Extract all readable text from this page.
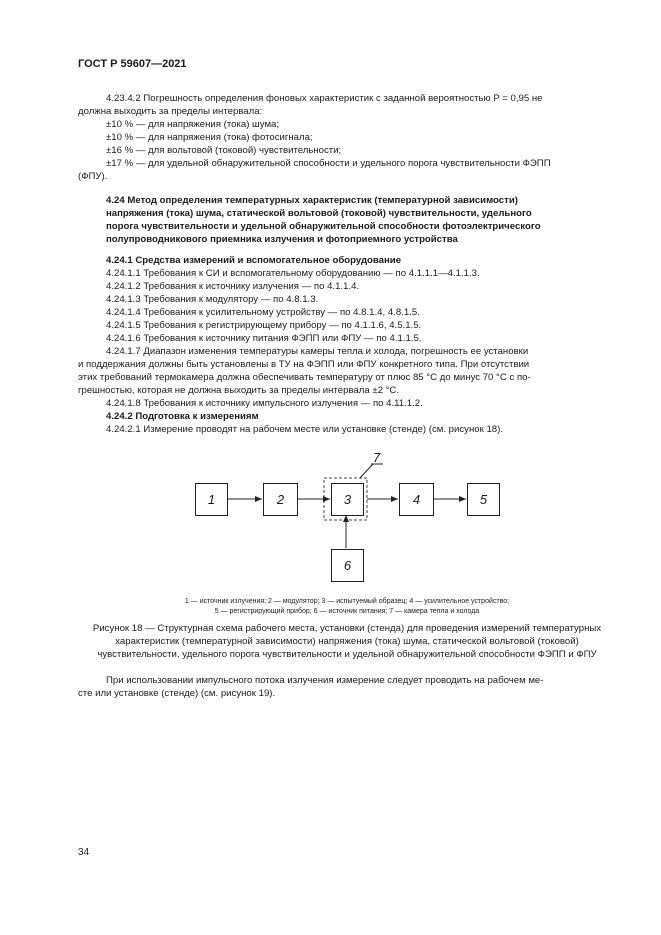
ГОСТ Р 59607—2021
4.23.4.2 Погрешность определения фоновых характеристик с заданной вероятностью P = 0,95 не
должна выходить за пределы интервала:
±10 % — для напряжения (тока) шума;
±10 % — для напряжения (тока) фотосигнала;
±16 % — для вольтовой (токовой) чувствительности;
±17 % — для удельной обнаружительной способности и удельного порога чувствительности ФЭПП
(ФПУ).
4.24 Метод определения температурных характеристик (температурной зависимости)
напряжения (тока) шума, статической вольтовой (токовой) чувствительности, удельного
порога чувствительности и удельной обнаружительной способности фотоэлектрического
полупроводникового приемника излучения и фотоприемного устройства
4.24.1 Средства измерений и вспомогательное оборудование
4.24.1.1 Требования к СИ и вспомогательному оборудованию — по 4.1.1.1—4.1.1.3.
4.24.1.2 Требования к источнику излучения — по 4.1.1.4.
4.24.1.3 Требования к модулятору — по 4.8.1.3.
4.24.1.4 Требования к усилительному устройству — по 4.8.1.4, 4.8.1.5.
4.24.1.5 Требования к регистрирующему прибору — по 4.1.1.6, 4.5.1.5.
4.24.1.6 Требования к источнику питания ФЭПП или ФПУ — по 4.1.1.5.
4.24.1.7 Диапазон изменения температуры камеры тепла и холода, погрешность ее установки
и поддержания должны быть установлены в ТУ на ФЭПП или ФПУ конкретного типа. При отсутствии
этих требований термокамера должна обеспечивать температуру от плюс 85 °С до минус 70 °С с по-
грешностью, которая не должна выходить за пределы интервала ±2 °С.
4.24.1.8 Требования к источнику импульсного излучения — по 4.11.1.2.
4.24.2 Подготовка к измерениям
4.24.2.1 Измерение проводят на рабочем месте или установке (стенде) (см. рисунок 18).
1	2	3	4	5
6
7
1 — источник излучения; 2 — модулятор; 3 — испытуемый образец; 4 — усилительное устройство;
5 — регистрирующий прибор; 6 — источник питания; 7 — камера тепла и холода
Рисунок 18 — Структурная схема рабочего места, установки (стенда) для проведения измерений температурных
характеристик (температурной зависимости) напряжения (тока) шума, статической вольтовой (токовой)
чувствительности, удельного порога чувствительности и удельной обнаружительной способности ФЭПП и ФПУ
При использовании импульсного потока излучения измерение следует проводить на рабочем ме-
сте или установке (стенде) (см. рисунок 19).
34
